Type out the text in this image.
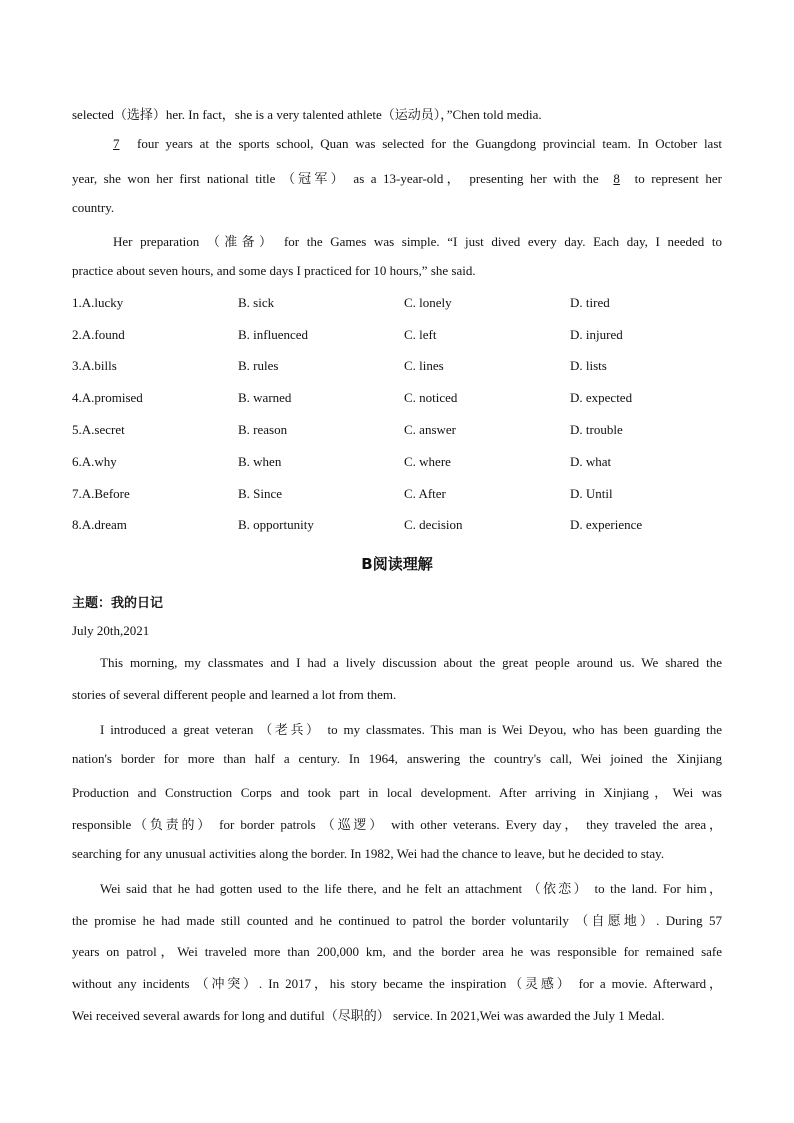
selected（选择）her. In fact，she is a very talented athlete（运动员），”Chen told media.
7 four years at the sports school, Quan was selected for the Guangdong provincial team. In October last
year, she won her first national title （冠军） as a 13-year-old， presenting her with the 8 to represent her
country.
Her preparation （准备） for the Games was simple. “I just dived every day. Each day, I needed to
practice about seven hours, and some days I practiced for 10 hours,” she said.
1.A.lucky	B. sick	C. lonely	D. tired
2.A.found	B. influenced	C. left	D. injured
3.A.bills	B. rules	C. lines	D. lists
4.A.promised	B. warned	C. noticed	D. expected
5.A.secret	B. reason	C. answer	D. trouble
6.A.why	B. when	C. where	D. what
7.A.Before	B. Since	C. After	D. Until
8.A.dream	B. opportunity	C. decision	D. experience
B阅读理解
主题：我的日记
July 20th,2021
This morning, my classmates and I had a lively discussion about the great people around us. We shared the
stories of several different people and learned a lot from them.
I introduced a great veteran （老兵） to my classmates. This man is Wei Deyou, who has been guarding the
nation's border for more than half a century. In 1964, answering the country's call, Wei joined the Xinjiang
Production and Construction Corps and took part in local development. After arriving in Xinjiang，Wei was
responsible（负责的） for border patrols （巡逻） with other veterans. Every day， they traveled the area，
searching for any unusual activities along the border. In 1982, Wei had the chance to leave, but he decided to stay.
Wei said that he had gotten used to the life there, and he felt an attachment （依恋） to the land. For him，
the promise he had made still counted and he continued to patrol the border voluntarily （自愿地）. During 57
years on patrol，Wei traveled more than 200,000 km, and the border area he was responsible for remained safe
without any incidents （冲突）. In 2017，his story became the inspiration（灵感） for a movie. Afterward，
Wei received several awards for long and dutiful（尽职的） service. In 2021,Wei was awarded the July 1 Medal.
